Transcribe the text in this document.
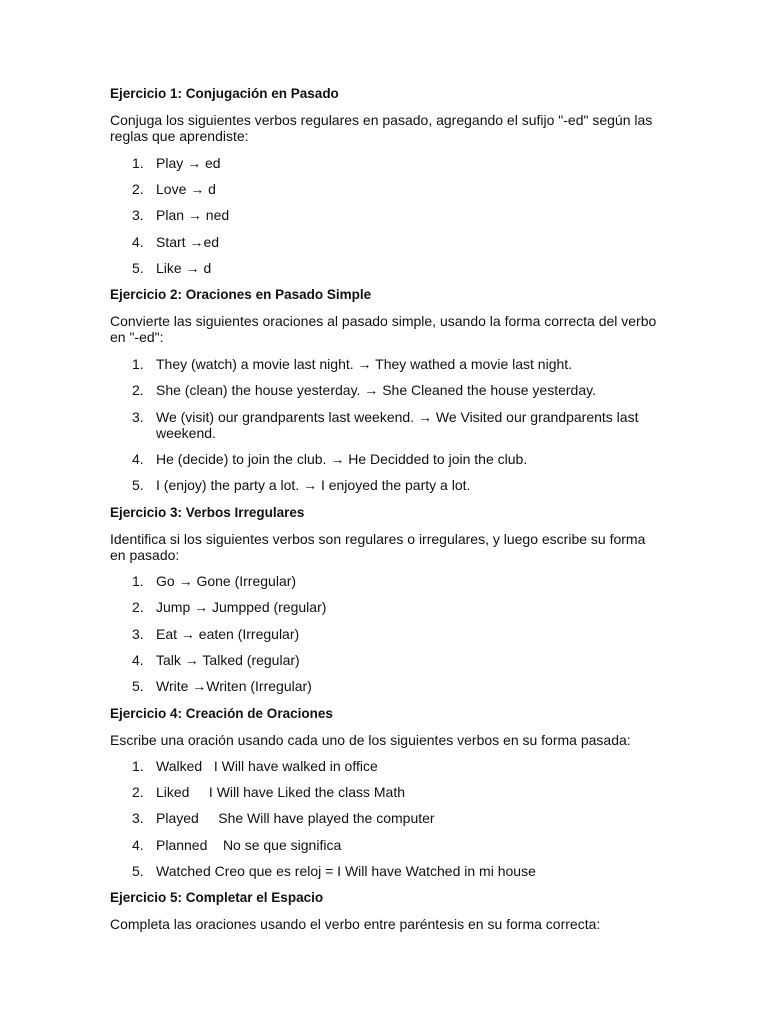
Ejercicio 1: Conjugación en Pasado
Conjuga los siguientes verbos regulares en pasado, agregando el sufijo "-ed" según las reglas que aprendiste:
1. Play → ed
2. Love → d
3. Plan → ned
4. Start →ed
5. Like → d
Ejercicio 2: Oraciones en Pasado Simple
Convierte las siguientes oraciones al pasado simple, usando la forma correcta del verbo en "-ed":
1. They (watch) a movie last night. → They wathed a movie last night.
2. She (clean) the house yesterday. → She Cleaned the house yesterday.
3. We (visit) our grandparents last weekend. → We Visited our grandparents last weekend.
4. He (decide) to join the club. → He Decidded to join the club.
5. I (enjoy) the party a lot. → I enjoyed the party a lot.
Ejercicio 3: Verbos Irregulares
Identifica si los siguientes verbos son regulares o irregulares, y luego escribe su forma en pasado:
1. Go → Gone (Irregular)
2. Jump → Jumpped (regular)
3. Eat → eaten (Irregular)
4. Talk → Talked (regular)
5. Write →Writen (Irregular)
Ejercicio 4: Creación de Oraciones
Escribe una oración usando cada uno de los siguientes verbos en su forma pasada:
1. Walked   I Will have walked in office
2. Liked     I Will have Liked the class Math
3. Played     She Will have played the computer
4. Planned    No se que significa
5. Watched Creo que es reloj = I Will have Watched in mi house
Ejercicio 5: Completar el Espacio
Completa las oraciones usando el verbo entre paréntesis en su forma correcta:
